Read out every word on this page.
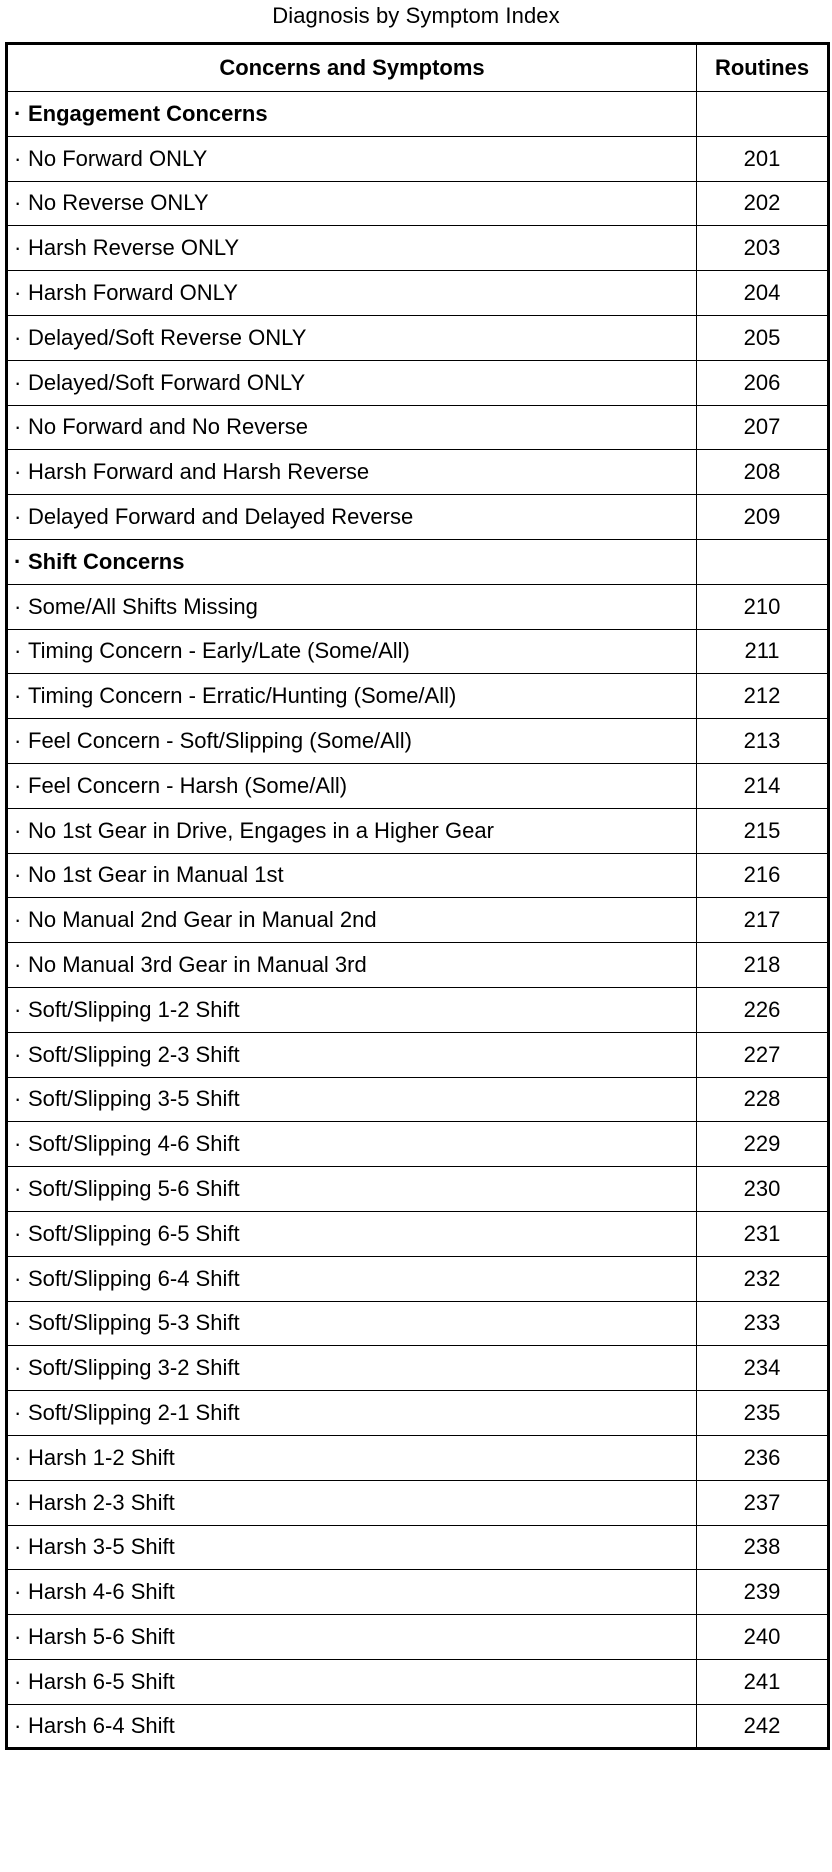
Diagnosis by Symptom Index
Concerns and Symptoms	Routines
· Engagement Concerns	
· No Forward ONLY	201
· No Reverse ONLY	202
· Harsh Reverse ONLY	203
· Harsh Forward ONLY	204
· Delayed/Soft Reverse ONLY	205
· Delayed/Soft Forward ONLY	206
· No Forward and No Reverse	207
· Harsh Forward and Harsh Reverse	208
· Delayed Forward and Delayed Reverse	209
· Shift Concerns	
· Some/All Shifts Missing	210
· Timing Concern - Early/Late (Some/All)	211
· Timing Concern - Erratic/Hunting (Some/All)	212
· Feel Concern - Soft/Slipping (Some/All)	213
· Feel Concern - Harsh (Some/All)	214
· No 1st Gear in Drive, Engages in a Higher Gear	215
· No 1st Gear in Manual 1st	216
· No Manual 2nd Gear in Manual 2nd	217
· No Manual 3rd Gear in Manual 3rd	218
· Soft/Slipping 1-2 Shift	226
· Soft/Slipping 2-3 Shift	227
· Soft/Slipping 3-5 Shift	228
· Soft/Slipping 4-6 Shift	229
· Soft/Slipping 5-6 Shift	230
· Soft/Slipping 6-5 Shift	231
· Soft/Slipping 6-4 Shift	232
· Soft/Slipping 5-3 Shift	233
· Soft/Slipping 3-2 Shift	234
· Soft/Slipping 2-1 Shift	235
· Harsh 1-2 Shift	236
· Harsh 2-3 Shift	237
· Harsh 3-5 Shift	238
· Harsh 4-6 Shift	239
· Harsh 5-6 Shift	240
· Harsh 6-5 Shift	241
· Harsh 6-4 Shift	242
